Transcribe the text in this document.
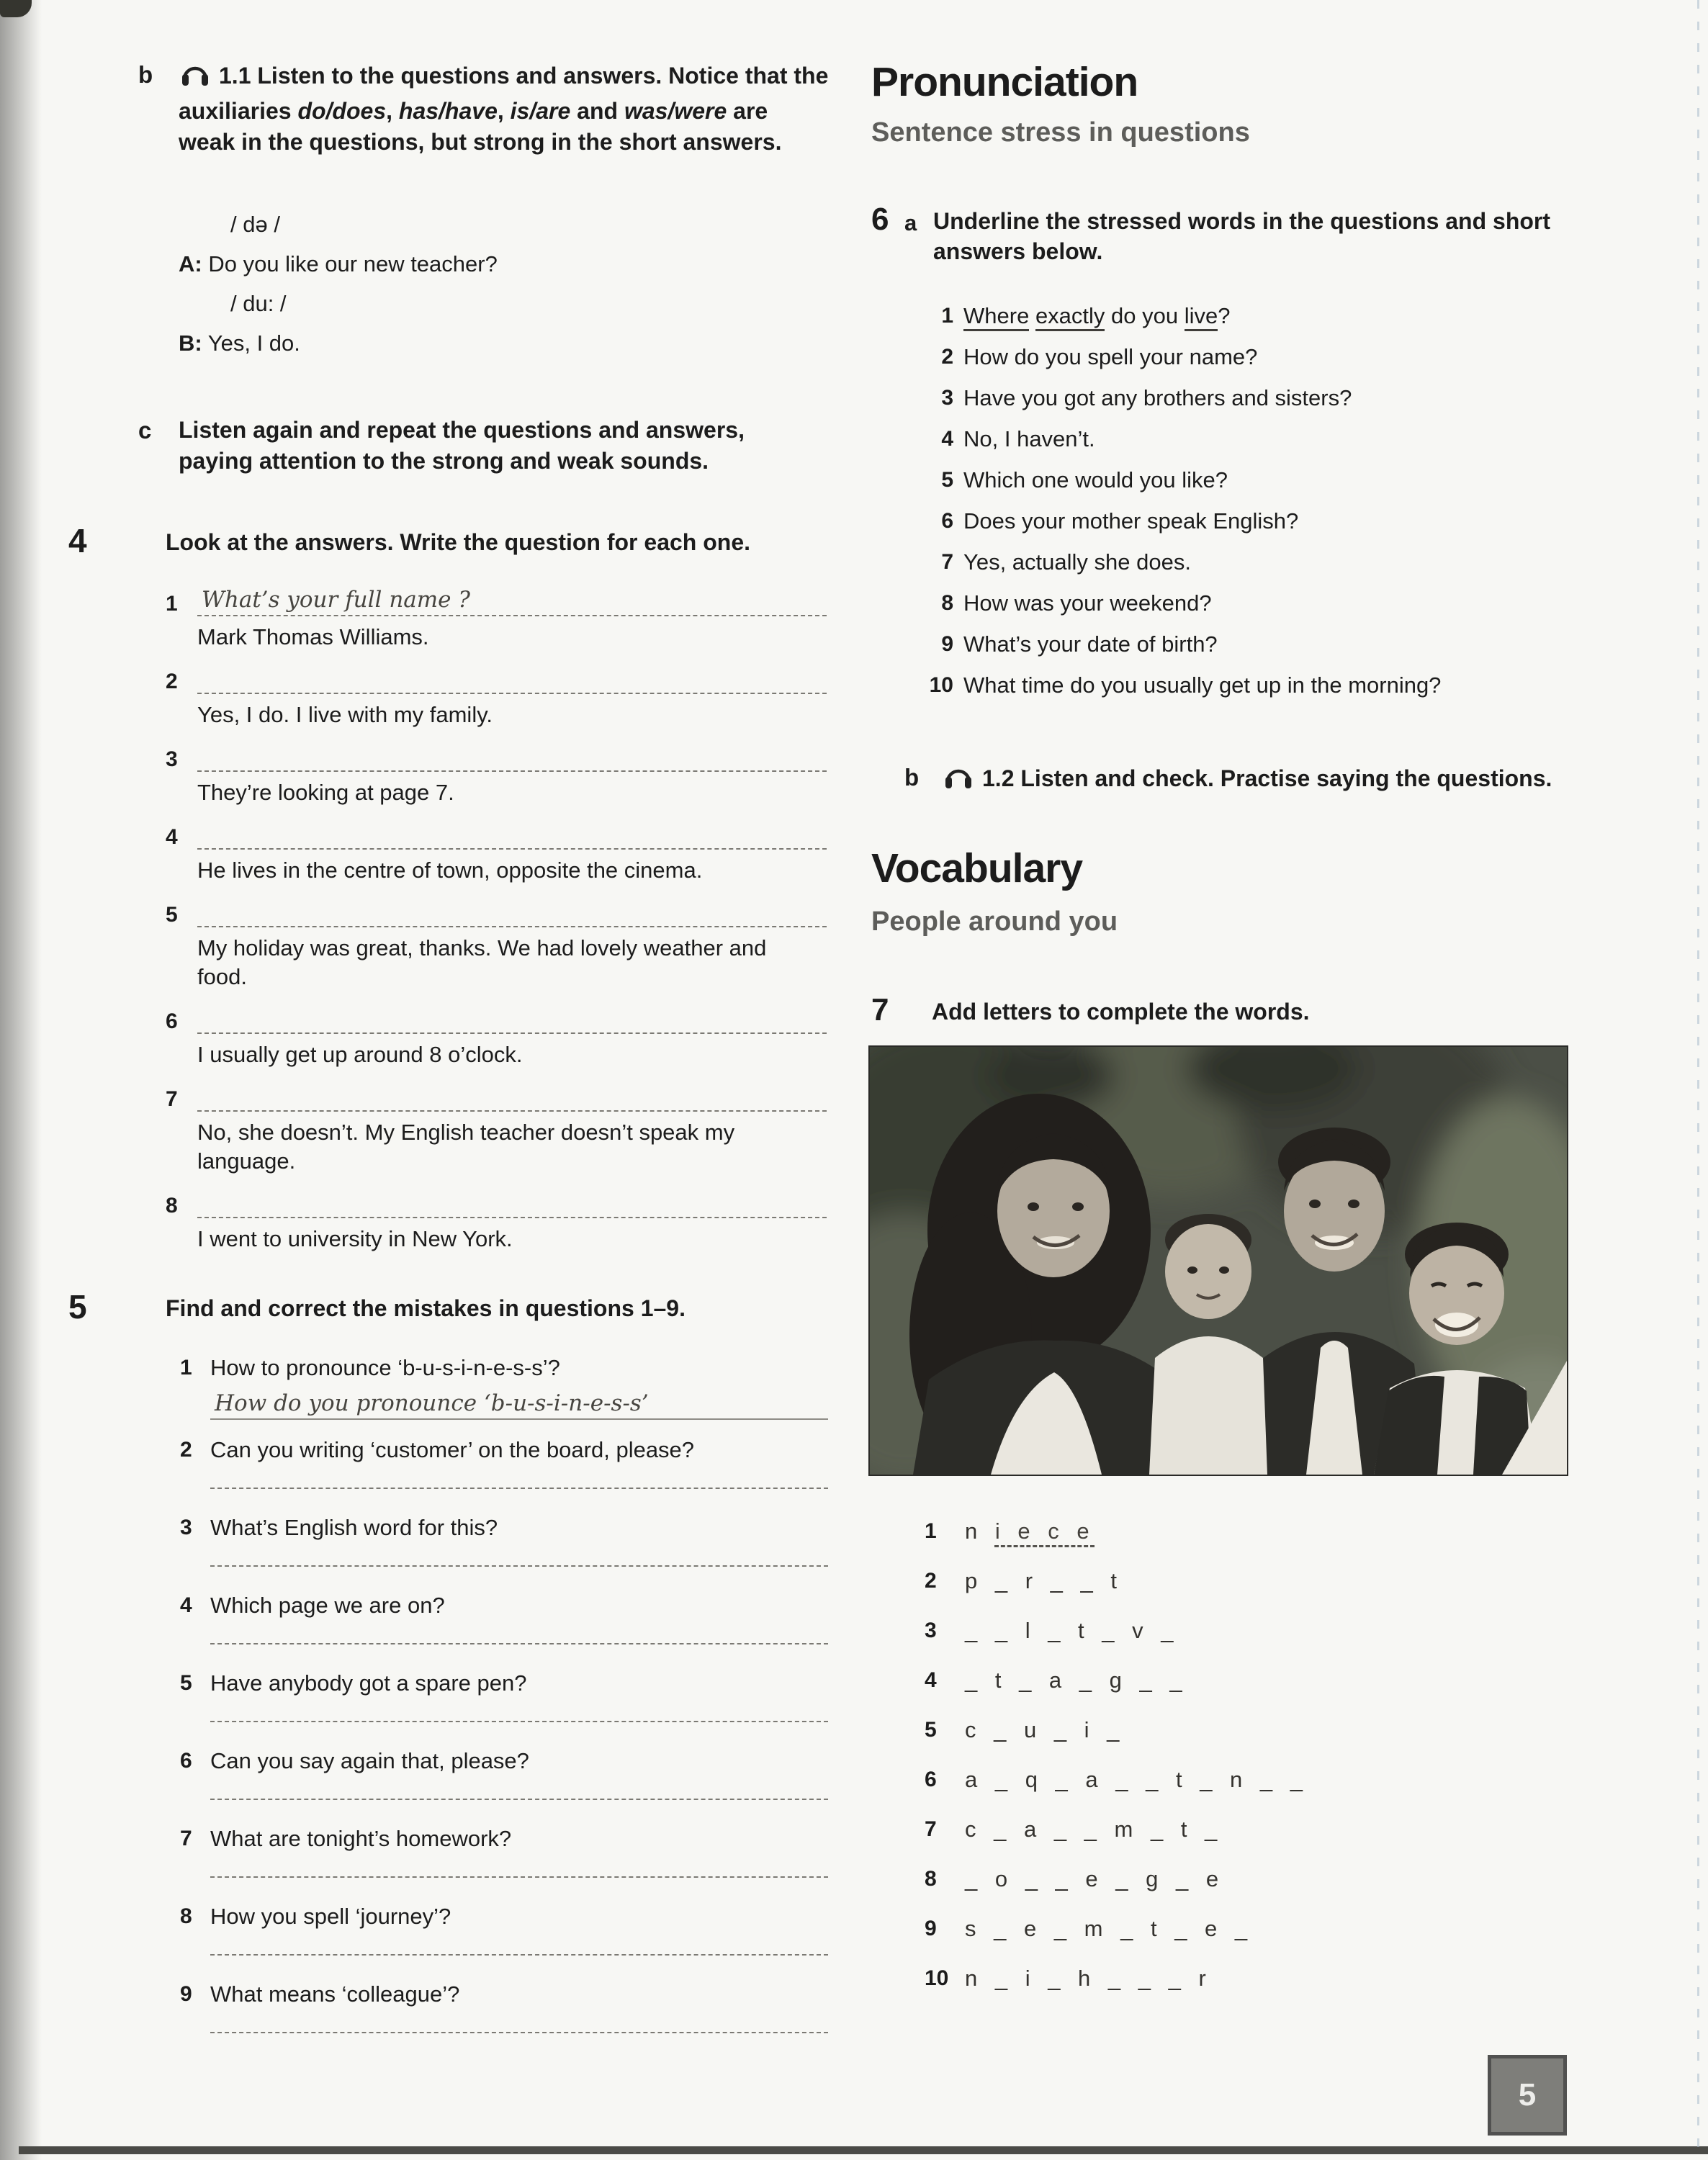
b	1.1 Listen to the questions and answers. Notice that the auxiliaries do/does, has/have, is/are and was/were are weak in the questions, but strong in the short answers.
/ də /
A: Do you like our new teacher?
/ du: /
B: Yes, I do.
c	Listen again and repeat the questions and answers, paying attention to the strong and weak sounds.
4	Look at the answers. Write the question for each one.
1	What’s your full name ?
Mark Thomas Williams.
2
Yes, I do. I live with my family.
3
They’re looking at page 7.
4
He lives in the centre of town, opposite the cinema.
5
My holiday was great, thanks. We had lovely weather and food.
6
I usually get up around 8 o’clock.
7
No, she doesn’t. My English teacher doesn’t speak my language.
8
I went to university in New York.
5	Find and correct the mistakes in questions 1–9.
1 How to pronounce ‘b-u-s-i-n-e-s-s’?
How do you pronounce ‘b-u-s-i-n-e-s-s’
2 Can you writing ‘customer’ on the board, please?
3 What’s English word for this?
4 Which page we are on?
5 Have anybody got a spare pen?
6 Can you say again that, please?
7 What are tonight’s homework?
8 How you spell ‘journey’?
9 What means ‘colleague’?
Pronunciation
Sentence stress in questions
6 a Underline the stressed words in the questions and short answers below.
1 Where exactly do you live?
2 How do you spell your name?
3 Have you got any brothers and sisters?
4 No, I haven’t.
5 Which one would you like?
6 Does your mother speak English?
7 Yes, actually she does.
8 How was your weekend?
9 What’s your date of birth?
10 What time do you usually get up in the morning?
b	1.2 Listen and check. Practise saying the questions.
Vocabulary
People around you
7	Add letters to complete the words.
1	n i e c e
2	p _ r _ _ t
3	_ _ l _ t _ v _
4	_ t _ a _ g _ _
5	c _ u _ i _
6	a _ q _ a _ _ t _ n _ _
7	c _ a _ _ m _ t _
8	_ o _ _ e _ g _ e
9	s _ e _ m _ t _ e _
10 n _ i _ h _ _ _ r
5
